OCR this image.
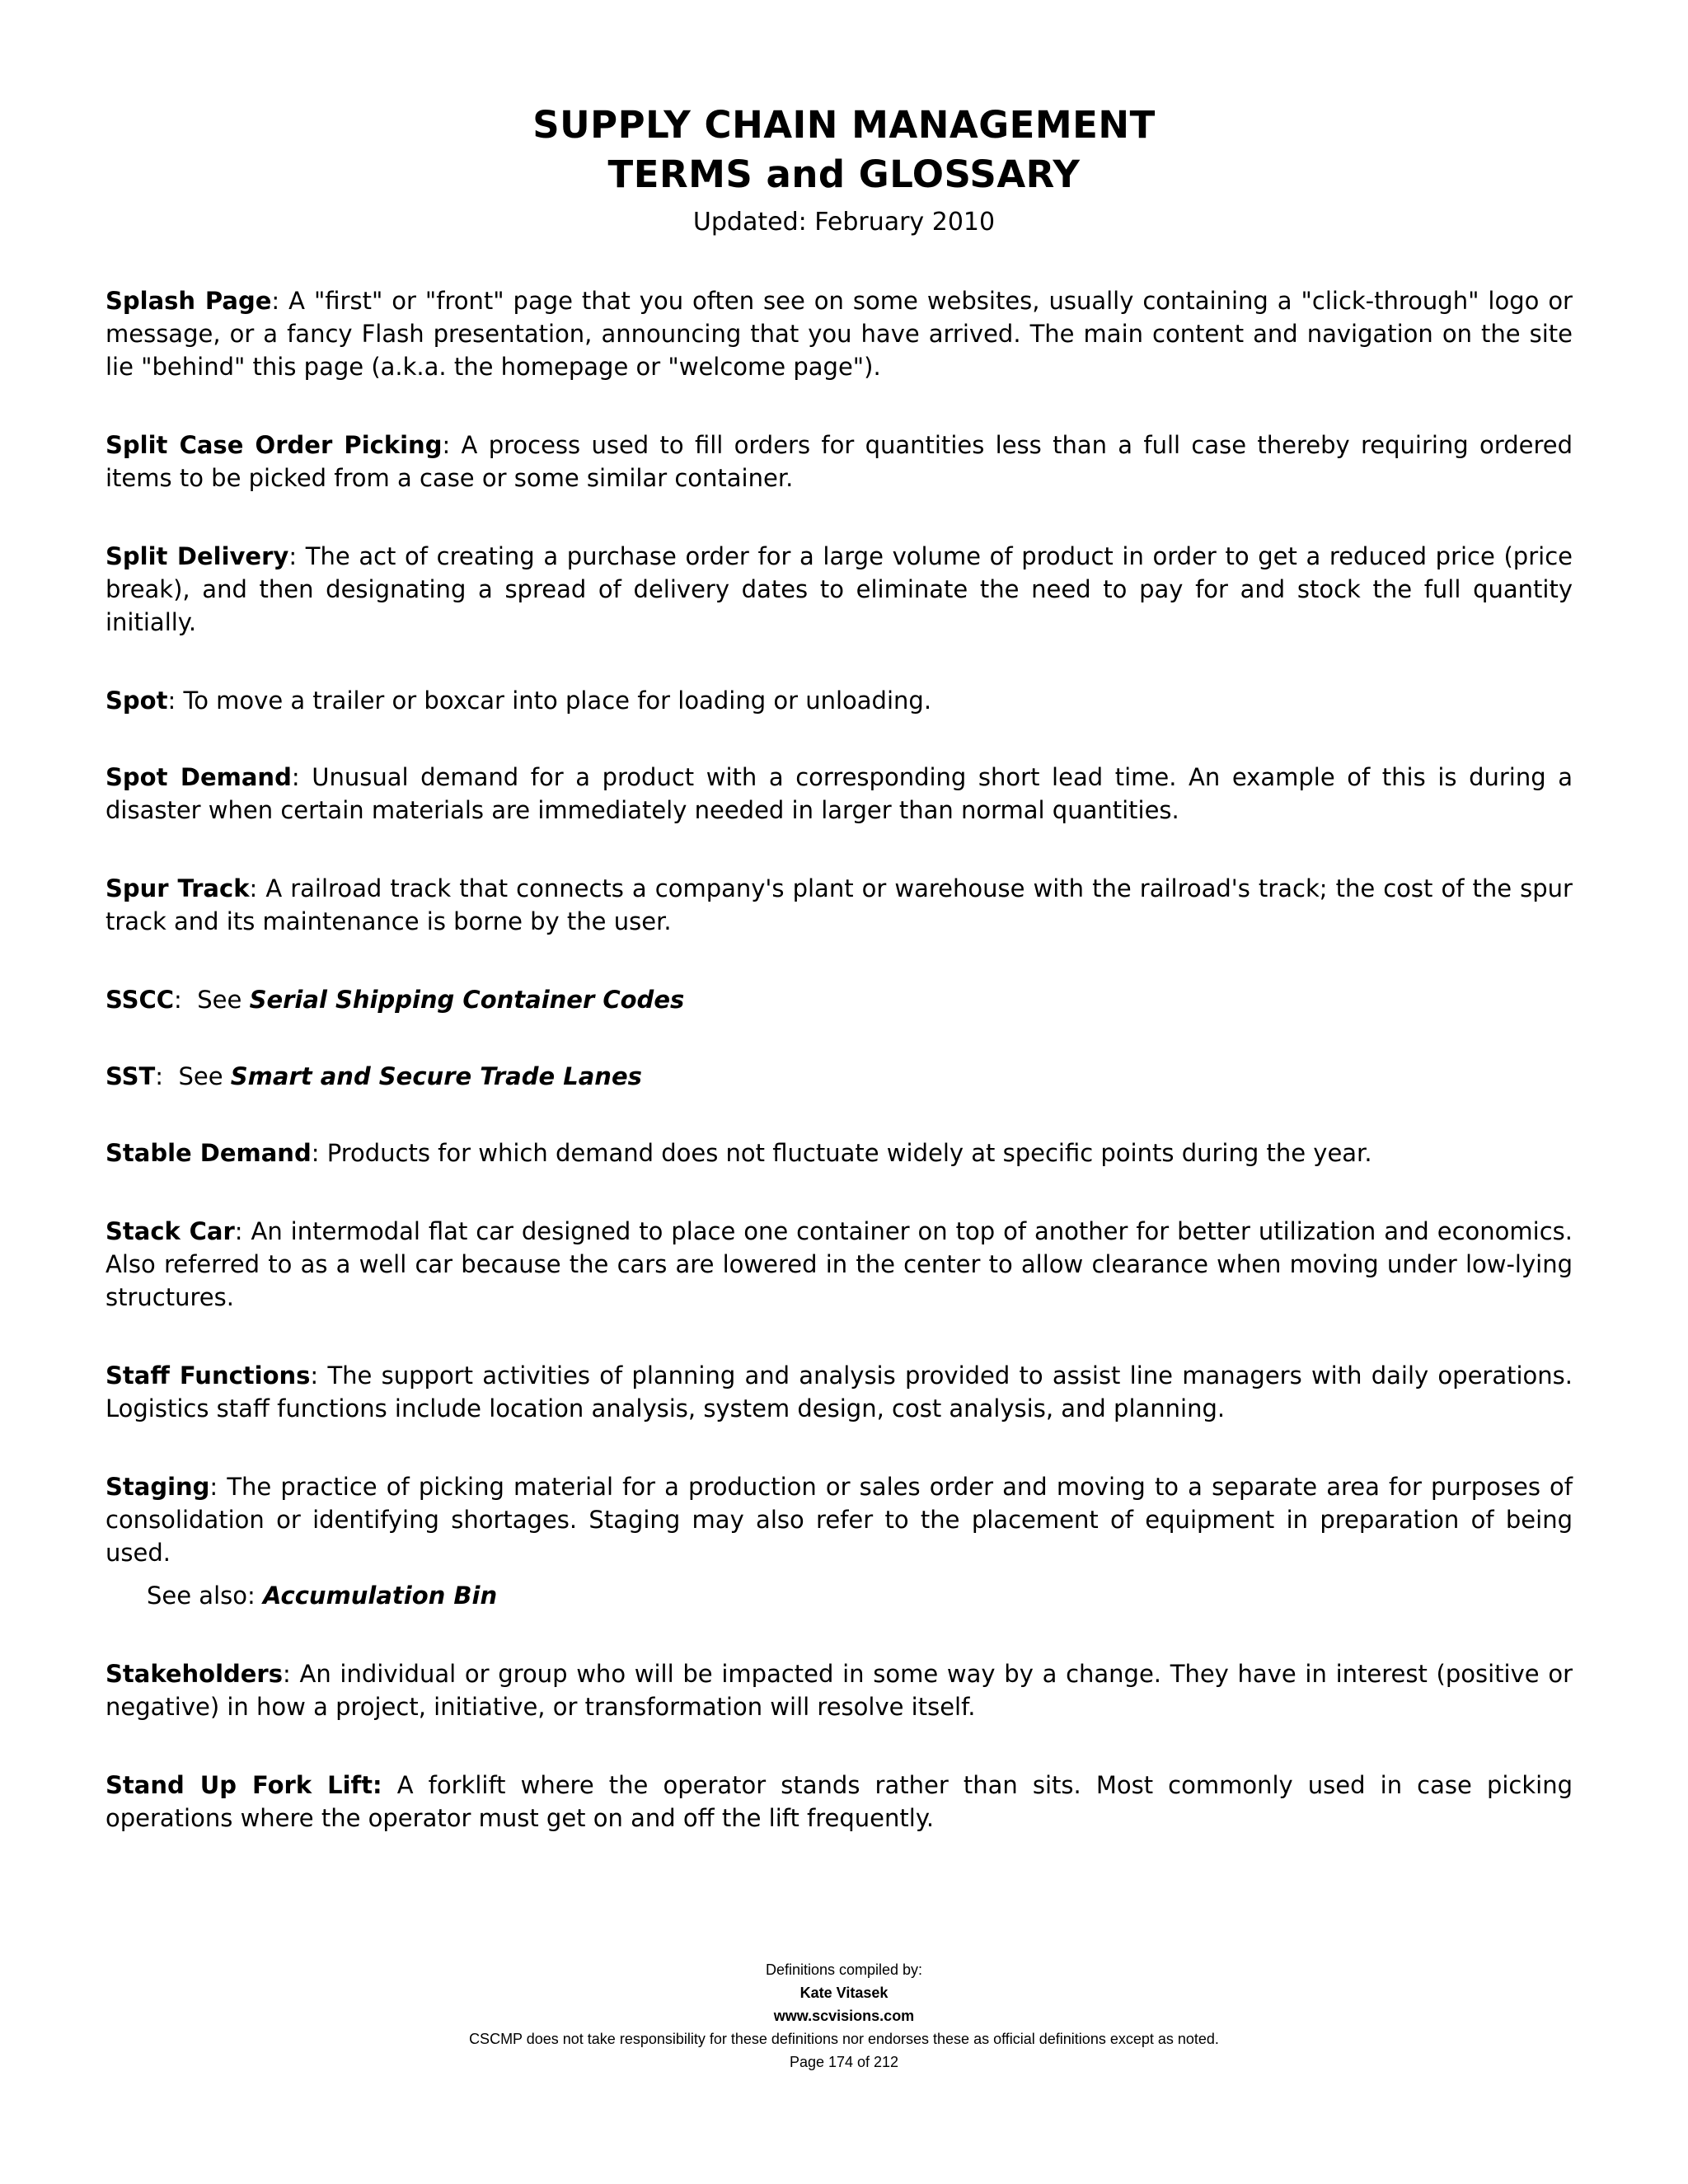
SUPPLY CHAIN MANAGEMENT
TERMS and GLOSSARY
Updated: February 2010
Splash Page: A "first" or "front" page that you often see on some websites, usually containing a "click-through" logo or message, or a fancy Flash presentation, announcing that you have arrived. The main content and navigation on the site lie "behind" this page (a.k.a. the homepage or "welcome page").
Split Case Order Picking: A process used to fill orders for quantities less than a full case thereby requiring ordered items to be picked from a case or some similar container.
Split Delivery: The act of creating a purchase order for a large volume of product in order to get a reduced price (price break), and then designating a spread of delivery dates to eliminate the need to pay for and stock the full quantity initially.
Spot: To move a trailer or boxcar into place for loading or unloading.
Spot Demand: Unusual demand for a product with a corresponding short lead time. An example of this is during a disaster when certain materials are immediately needed in larger than normal quantities.
Spur Track: A railroad track that connects a company's plant or warehouse with the railroad's track; the cost of the spur track and its maintenance is borne by the user.
SSCC:  See Serial Shipping Container Codes
SST:  See Smart and Secure Trade Lanes
Stable Demand: Products for which demand does not fluctuate widely at specific points during the year.
Stack Car: An intermodal flat car designed to place one container on top of another for better utilization and economics. Also referred to as a well car because the cars are lowered in the center to allow clearance when moving under low-lying structures.
Staff Functions: The support activities of planning and analysis provided to assist line managers with daily operations. Logistics staff functions include location analysis, system design, cost analysis, and planning.
Staging: The practice of picking material for a production or sales order and moving to a separate area for purposes of consolidation or identifying shortages. Staging may also refer to the placement of equipment in preparation of being used.
See also: Accumulation Bin
Stakeholders: An individual or group who will be impacted in some way by a change. They have in interest (positive or negative) in how a project, initiative, or transformation will resolve itself.
Stand Up Fork Lift: A forklift where the operator stands rather than sits. Most commonly used in case picking operations where the operator must get on and off the lift frequently.
Definitions compiled by:
Kate Vitasek
www.scvisions.com
CSCMP does not take responsibility for these definitions nor endorses these as official definitions except as noted.
Page 174 of 212
